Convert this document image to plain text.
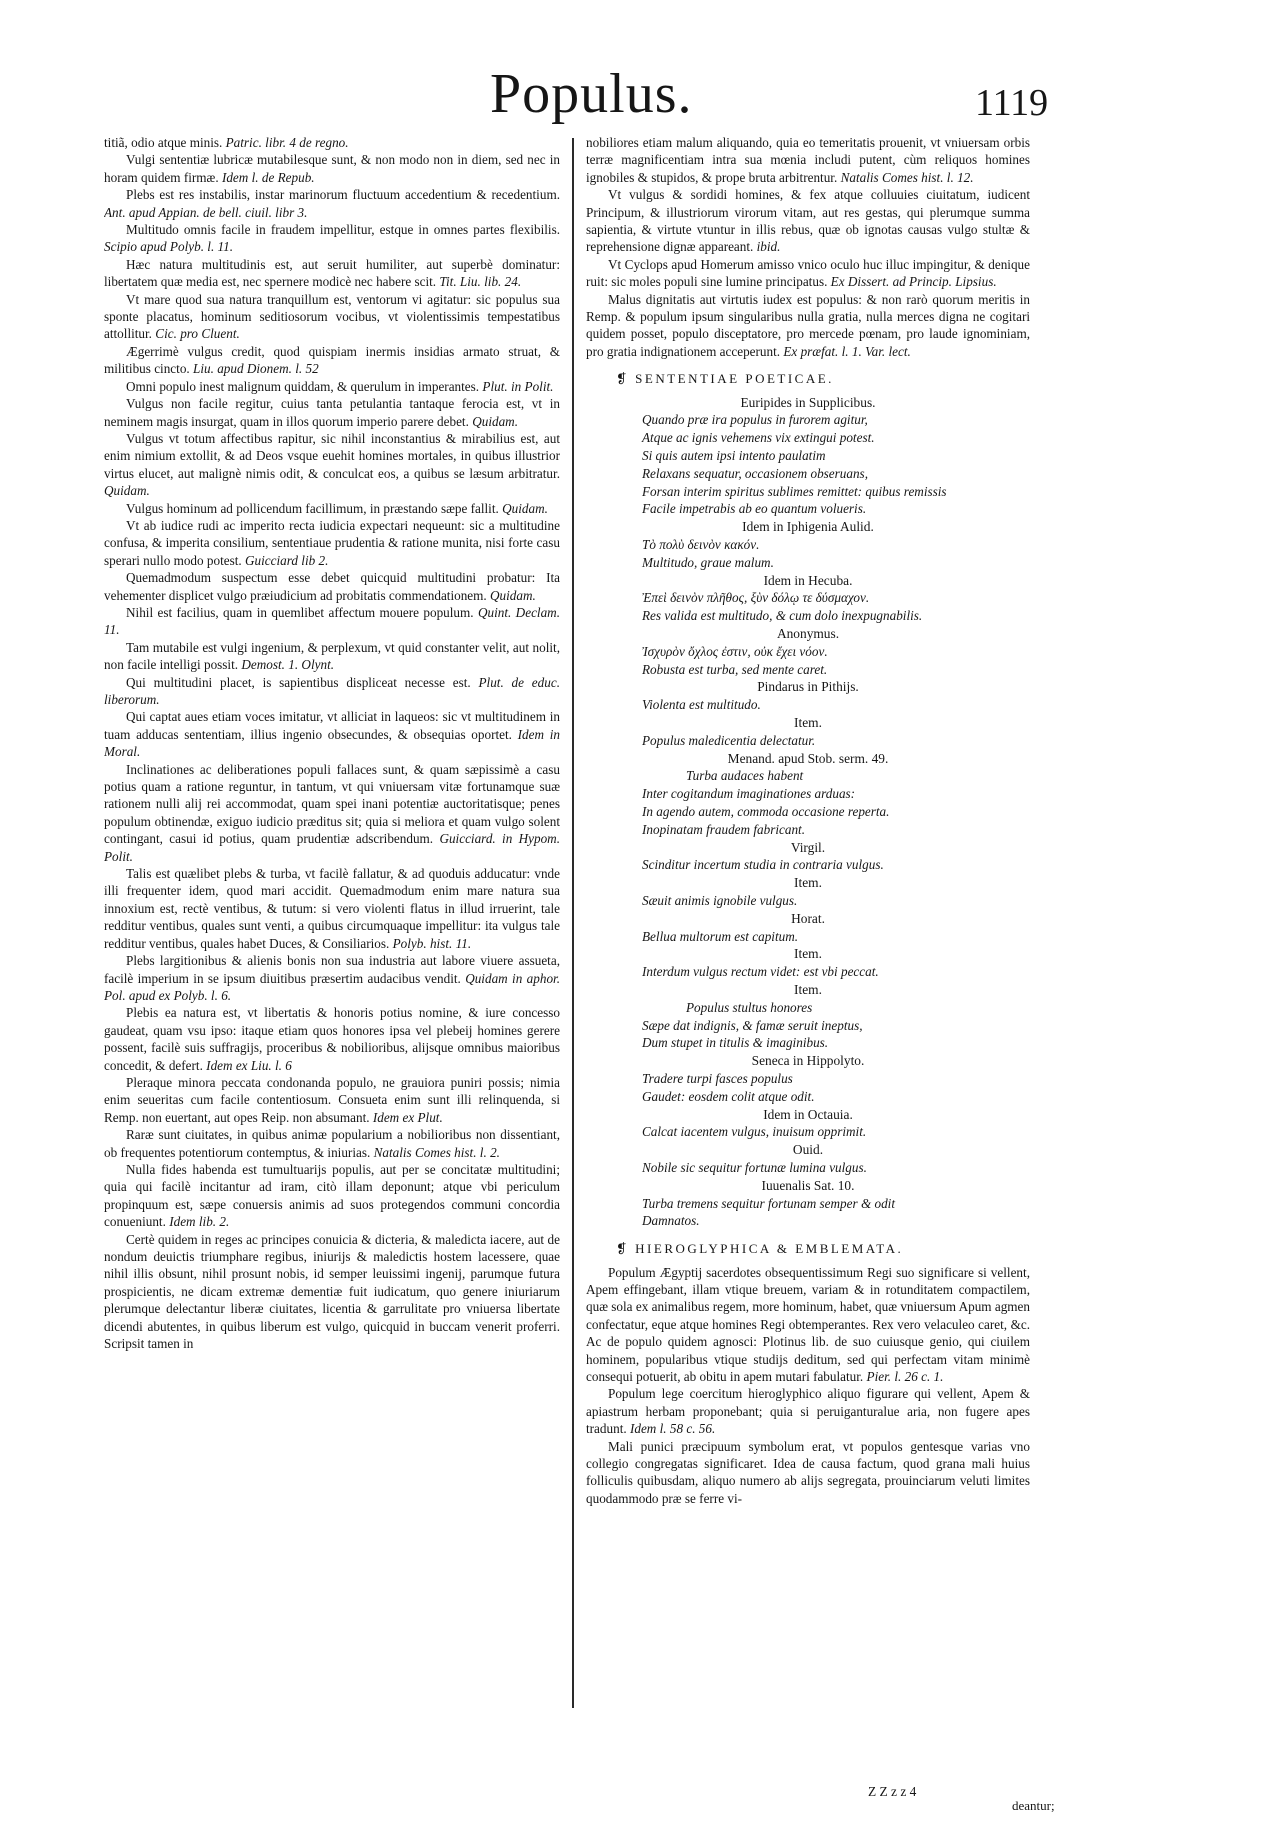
Populus.	1119

titiã, odio atque minis. Patric. libr. 4 de regno.

Vulgi sententiæ lubricæ mutabilesque sunt, & non modo non in diem, sed nec in horam quidem firmæ. Idem l. de Repub.

Plebs est res instabilis, instar marinorum fluctuum accedentium & recedentium. Ant. apud Appian. de bell. ciuil. libr 3.

Multitudo omnis facile in fraudem impellitur, estque in omnes partes flexibilis. Scipio apud Polyb. l. 11.

Hæc natura multitudinis est, aut seruit humiliter, aut superbè dominatur: libertatem quæ media est, nec spernere modicè nec habere scit. Tit. Liu. lib. 24.

Vt mare quod sua natura tranquillum est, ventorum vi agitatur: sic populus sua sponte placatus, hominum seditiosorum vocibus, vt violentissimis tempestatibus attollitur. Cic. pro Cluent.

Ægerrimè vulgus credit, quod quispiam inermis insidias armato struat, & militibus cincto. Liu. apud Dionem. l. 52

Omni populo inest malignum quiddam, & querulum in imperantes. Plut. in Polit.

Vulgus non facile regitur, cuius tanta petulantia tantaque ferocia est, vt in neminem magis insurgat, quam in illos quorum imperio parere debet. Quidam.

Vulgus vt totum affectibus rapitur, sic nihil inconstantius & mirabilius est, aut enim nimium extollit, & ad Deos vsque euehit homines mortales, in quibus illustrior virtus elucet, aut malignè nimis odit, & conculcat eos, a quibus se læsum arbitratur. Quidam.

Vulgus hominum ad pollicendum facillimum, in præstando sæpe fallit. Quidam.

Vt ab iudice rudi ac imperito recta iudicia expectari nequeunt: sic a multitudine confusa, & imperita consilium, sententiaue prudentia & ratione munita, nisi forte casu sperari nullo modo potest. Guicciard lib 2.

Quemadmodum suspectum esse debet quicquid multitudini probatur: Ita vehementer displicet vulgo præiudicium ad probitatis commendationem. Quidam.

Nihil est facilius, quam in quemlibet affectum mouere populum. Quint. Declam. 11.

Tam mutabile est vulgi ingenium, & perplexum, vt quid constanter velit, aut nolit, non facile intelligi possit. Demost. 1. Olynt.

Qui multitudini placet, is sapientibus displiceat necesse est. Plut. de educ. liberorum.

Qui captat aues etiam voces imitatur, vt alliciat in laqueos: sic vt multitudinem in tuam adducas sententiam, illius ingenio obsecundes, & obsequias oportet. Idem in Moral.

Inclinationes ac deliberationes populi fallaces sunt, & quam sæpissimè a casu potius quam a ratione reguntur, in tantum, vt qui vniuersam vitæ fortunamque suæ rationem nulli alij rei accommodat, quam spei inani potentiæ auctoritatisque; penes populum obtinendæ, exiguo iudicio præditus sit; quia si meliora et quam vulgo solent contingant, casui id potius, quam prudentiæ adscribendum. Guicciard. in Hypom. Polit.

Talis est quælibet plebs & turba, vt facilè fallatur, & ad quoduis adducatur: vnde illi frequenter idem, quod mari accidit. Quemadmodum enim mare natura sua innoxium est, rectè ventibus, & tutum: si vero violenti flatus in illud irruerint, tale redditur ventibus, quales sunt venti, a quibus circumquaque impellitur: ita vulgus tale redditur ventibus, quales habet Duces, & Consiliarios. Polyb. hist. 11.

Plebs largitionibus & alienis bonis non sua industria aut labore viuere assueta, facilè imperium in se ipsum diuitibus præsertim audacibus vendit. Quidam in aphor. Pol. apud ex Polyb. l. 6.

Plebis ea natura est, vt libertatis & honoris potius nomine, & iure concesso gaudeat, quam vsu ipso: itaque etiam quos honores ipsa vel plebeij homines gerere possent, facilè suis suffragijs, proceribus & nobilioribus, alijsque omnibus maioribus concedit, & defert. Idem ex Liu. l. 6

Pleraque minora peccata condonanda populo, ne grauiora puniri possis; nimia enim seueritas cum facile contentiosum. Consueta enim sunt illi relinquenda, si Remp. non euertant, aut opes Reip. non absumant. Idem ex Plut.

Raræ sunt ciuitates, in quibus animæ popularium a nobilioribus non dissentiant, ob frequentes potentiorum contemptus, & iniurias. Natalis Comes hist. l. 2.

Nulla fides habenda est tumultuarijs populis, aut per se concitatæ multitudini; quia qui facilè incitantur ad iram, citò illam deponunt; atque vbi periculum propinquum est, sæpe conuersis animis ad suos protegendos communi concordia conueniunt. Idem lib. 2.

Certè quidem in reges ac principes conuicia & dicteria, & maledicta iacere, aut de nondum deuictis triumphare regibus, iniurijs & maledictis hostem lacessere, quae nihil illis obsunt, nihil prosunt nobis, id semper leuissimi ingenij, parumque futura prospicientis, ne dicam extremæ dementiæ fuit iudicatum, quo genere iniuriarum plerumque delectantur liberæ ciuitates, licentia & garrulitate pro vniuersa libertate dicendi abutentes, in quibus liberum est vulgo, quicquid in buccam venerit proferri. Scripsit tamen in

nobiliores etiam malum aliquando, quia eo temeritatis prouenit, vt vniuersam orbis terræ magnificentiam intra sua mœnia includi putent, cùm reliquos homines ignobiles & stupidos, & prope bruta arbitrentur. Natalis Comes hist. l. 12.

Vt vulgus & sordidi homines, & fex atque colluuies ciuitatum, iudicent Principum, & illustriorum virorum vitam, aut res gestas, qui plerumque summa sapientia, & virtute vtuntur in illis rebus, quæ ob ignotas causas vulgo stultæ & reprehensione dignæ appareant. ibid.

Vt Cyclops apud Homerum amisso vnico oculo huc illuc impingitur, & denique ruit: sic moles populi sine lumine principatus. Ex Dissert. ad Princip. Lipsius.

Malus dignitatis aut virtutis iudex est populus: & non rarò quorum meritis in Remp. & populum ipsum singularibus nulla gratia, nulla merces digna ne cogitari quidem posset, populo disceptatore, pro mercede pœnam, pro laude ignominiam, pro gratia indignationem acceperunt. Ex præfat. l. 1. Var. lect.

❡ SENTENTIAE POETICAE.
Euripides in Supplicibus.
Quando præ ira populus in furorem agitur,
Atque ac ignis vehemens vix extingui potest.
Si quis autem ipsi intento paulatim
Relaxans sequatur, occasionem obseruans,
Forsan interim spiritus sublimes remittet: quibus remissis
Facile impetrabis ab eo quantum volueris.
Idem in Iphigenia Aulid.
Τὸ πολὺ δεινὸν κακόν.
Multitudo, graue malum.
Idem in Hecuba.
Ἐπεὶ δεινὸν πλῆθος, ξὺν δόλῳ τε δύσμαχον.
Res valida est multitudo, & cum dolo inexpugnabilis.
Anonymus.
Ἰσχυρὸν ὄχλος ἐστιν, οὐκ ἔχει νόον.
Robusta est turba, sed mente caret.
Pindarus in Pithijs.
Violenta est multitudo.
Item.
Populus maledicentia delectatur.
Menand. apud Stob. serm. 49.
Turba audaces habent
Inter cogitandum imaginationes arduas:
In agendo autem, commoda occasione reperta.
Inopinatam fraudem fabricant.
Virgil.
Scinditur incertum studia in contraria vulgus.
Item.
Sæuit animis ignobile vulgus.
Horat.
Bellua multorum est capitum.
Item.
Interdum vulgus rectum videt: est vbi peccat.
Item.
Populus stultus honores
Sæpe dat indignis, & famæ seruit ineptus,
Dum stupet in titulis & imaginibus.
Seneca in Hippolyto.
Tradere turpi fasces populus
Gaudet: eosdem colit atque odit.
Idem in Octauia.
Calcat iacentem vulgus, inuisum opprimit.
Ouid.
Nobile sic sequitur fortunæ lumina vulgus.
Iuuenalis Sat. 10.
Turba tremens sequitur fortunam semper & odit
Damnatos.
❡ HIEROGLYPHICA & EMBLEMATA.

Populum Ægyptij sacerdotes obsequentissimum Regi suo significare si vellent, Apem effingebant, illam vtique breuem, variam & in rotunditatem compactilem, quæ sola ex animalibus regem, more hominum, habet, quæ vniuersum Apum agmen confectatur, eque atque homines Regi obtemperantes. Rex vero velaculeo caret, &c. Ac de populo quidem agnosci: Plotinus lib. de suo cuiusque genio, qui ciuilem hominem, popularibus vtique studijs deditum, sed qui perfectam vitam minimè consequi potuerit, ab obitu in apem mutari fabulatur. Pier. l. 26 c. 1.

Populum lege coercitum hieroglyphico aliquo figurare qui vellent, Apem & apiastrum herbam proponebant; quia si peruiganturalue aria, non fugere apes tradunt. Idem l. 58 c. 56.

Mali punici præcipuum symbolum erat, vt populos gentesque varias vno collegio congregatas significaret. Idea de causa factum, quod grana mali huius folliculis quibusdam, aliquo numero ab alijs segregata, prouinciarum veluti limites quodammodo præ se ferre vi-

Z Z z z 4
deantur;
